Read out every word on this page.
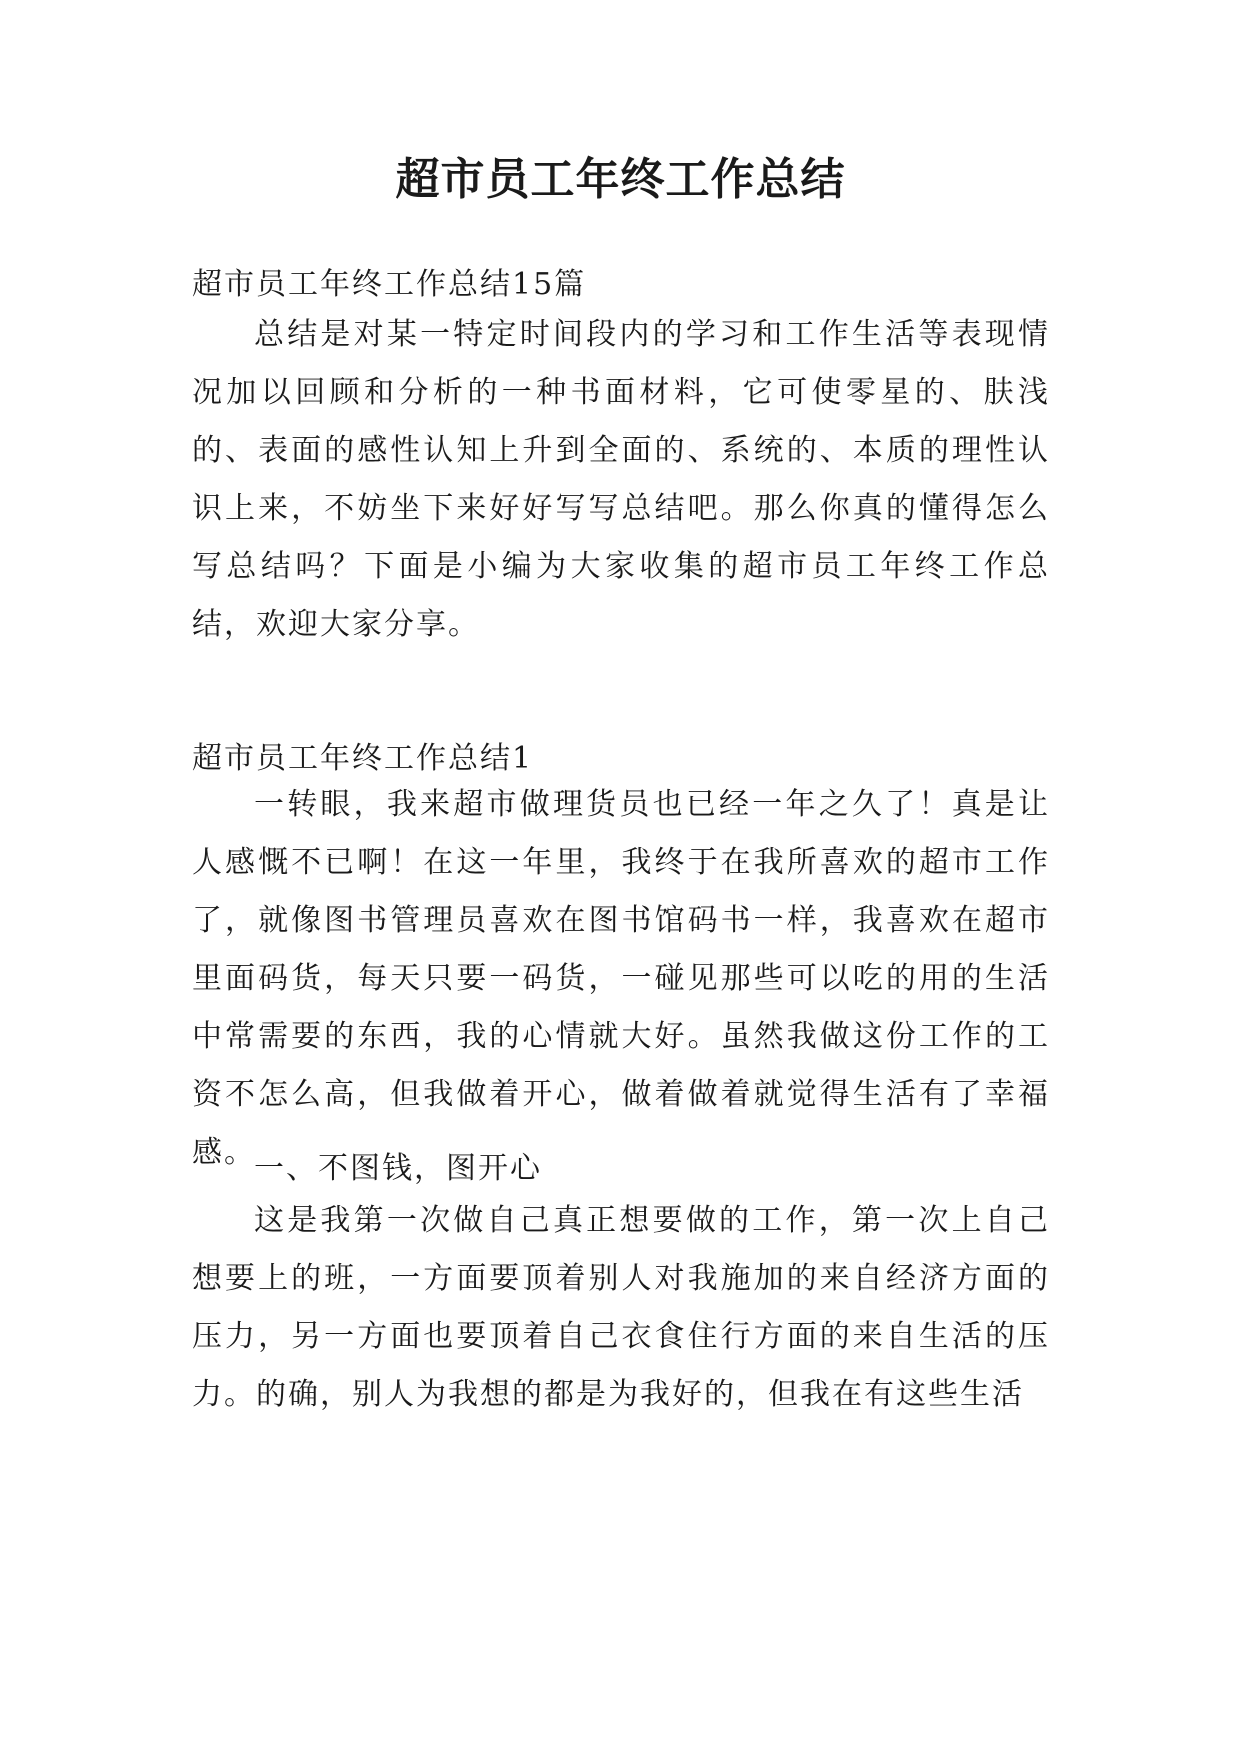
超市员工年终工作总结

超市员工年终工作总结15篇

总结是对某一特定时间段内的学习和工作生活等表现情况加以回顾和分析的一种书面材料，它可使零星的、肤浅的、表面的感性认知上升到全面的、系统的、本质的理性认识上来，不妨坐下来好好写写总结吧。那么你真的懂得怎么写总结吗？下面是小编为大家收集的超市员工年终工作总结，欢迎大家分享。

超市员工年终工作总结1

一转眼，我来超市做理货员也已经一年之久了！真是让人感慨不已啊！在这一年里，我终于在我所喜欢的超市工作了，就像图书管理员喜欢在图书馆码书一样，我喜欢在超市里面码货，每天只要一码货，一碰见那些可以吃的用的生活中常需要的东西，我的心情就大好。虽然我做这份工作的工资不怎么高，但我做着开心，做着做着就觉得生活有了幸福感。

一、不图钱，图开心

这是我第一次做自己真正想要做的工作，第一次上自己想要上的班，一方面要顶着别人对我施加的来自经济方面的压力，另一方面也要顶着自己衣食住行方面的来自生活的压力。的确，别人为我想的都是为我好的，但我在有这些生活
